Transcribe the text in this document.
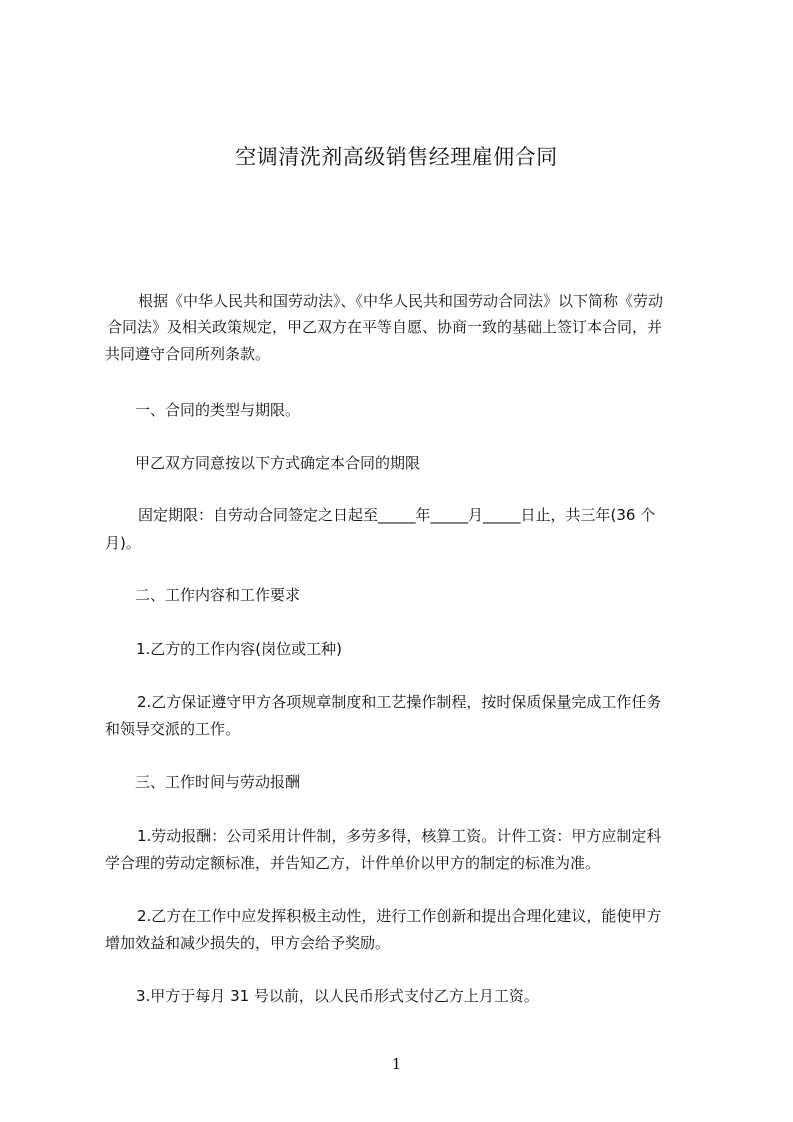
空调清洗剂高级销售经理雇佣合同
根据《中华人民共和国劳动法》、《中华人民共和国劳动合同法》以下简称《劳动
合同法》及相关政策规定，甲乙双方在平等自愿、协商一致的基础上签订本合同，并
共同遵守合同所列条款。
一、合同的类型与期限。
甲乙双方同意按以下方式确定本合同的期限
固定期限：自劳动合同签定之日起至_____年_____月_____日止，共三年(36 个
月)。
二、工作内容和工作要求
1.乙方的工作内容(岗位或工种)
2.乙方保证遵守甲方各项规章制度和工艺操作制程，按时保质保量完成工作任务
和领导交派的工作。
三、工作时间与劳动报酬
1.劳动报酬：公司采用计件制，多劳多得，核算工资。计件工资：甲方应制定科
学合理的劳动定额标准，并告知乙方，计件单价以甲方的制定的标准为准。
2.乙方在工作中应发挥积极主动性，进行工作创新和提出合理化建议，能使甲方
增加效益和减少损失的，甲方会给予奖励。
3.甲方于每月 31 号以前，以人民币形式支付乙方上月工资。
1
